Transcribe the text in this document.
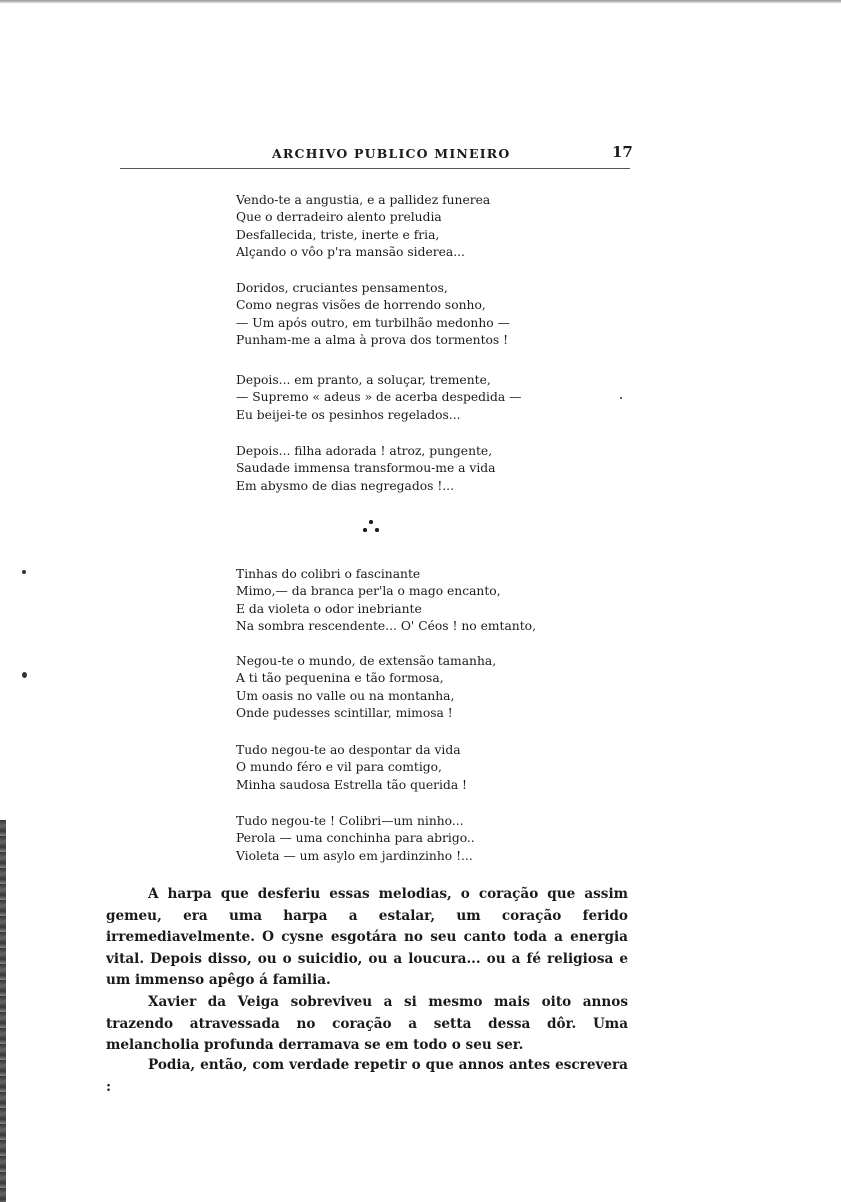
ARCHIVO PUBLICO MINEIRO	17
Vendo-te a angustia, e a pallidez funerea
Que o derradeiro alento preludia
Desfallecida, triste, inerte e fria,
Alçando o vôo p'ra mansão siderea...
Doridos, cruciantes pensamentos,
Como negras visões de horrendo sonho,
— Um após outro, em turbilhão medonho —
Punham-me a alma à prova dos tormentos !
Depois... em pranto, a soluçar, tremente,
— Supremo « adeus » de acerba despedida —
Eu beijei-te os pesinhos regelados...
Depois... filha adorada ! atroz, pungente,
Saudade immensa transformou-me a vida
Em abysmo de dias negregados !...
Tinhas do colibri o fascinante
Mimo,— da branca per'la o mago encanto,
E da violeta o odor inebriante
Na sombra rescendente... O' Céos ! no emtanto,
Negou-te o mundo, de extensão tamanha,
A ti tão pequenina e tão formosa,
Um oasis no valle ou na montanha,
Onde pudesses scintillar, mimosa !
Tudo negou-te ao despontar da vida
O mundo féro e vil para comtigo,
Minha saudosa Estrella tão querida !
Tudo negou-te ! Colibri—um ninho...
Perola — uma conchinha para abrigo..
Violeta — um asylo em jardinzinho !...

A harpa que desferiu essas melodias, o coração que assim gemeu, era uma harpa a estalar, um coração ferido irremediavelmente. O cysne esgotára no seu canto toda a energia vital. Depois disso, ou o suicidio, ou a loucura... ou a fé religiosa e um immenso apêgo á familia.

Xavier da Veiga sobreviveu a si mesmo mais oito annos trazendo atravessada no coração a setta dessa dôr. Uma melancholia profunda derramava se em todo o seu ser.

Podia, então, com verdade repetir o que annos antes escrevera :
